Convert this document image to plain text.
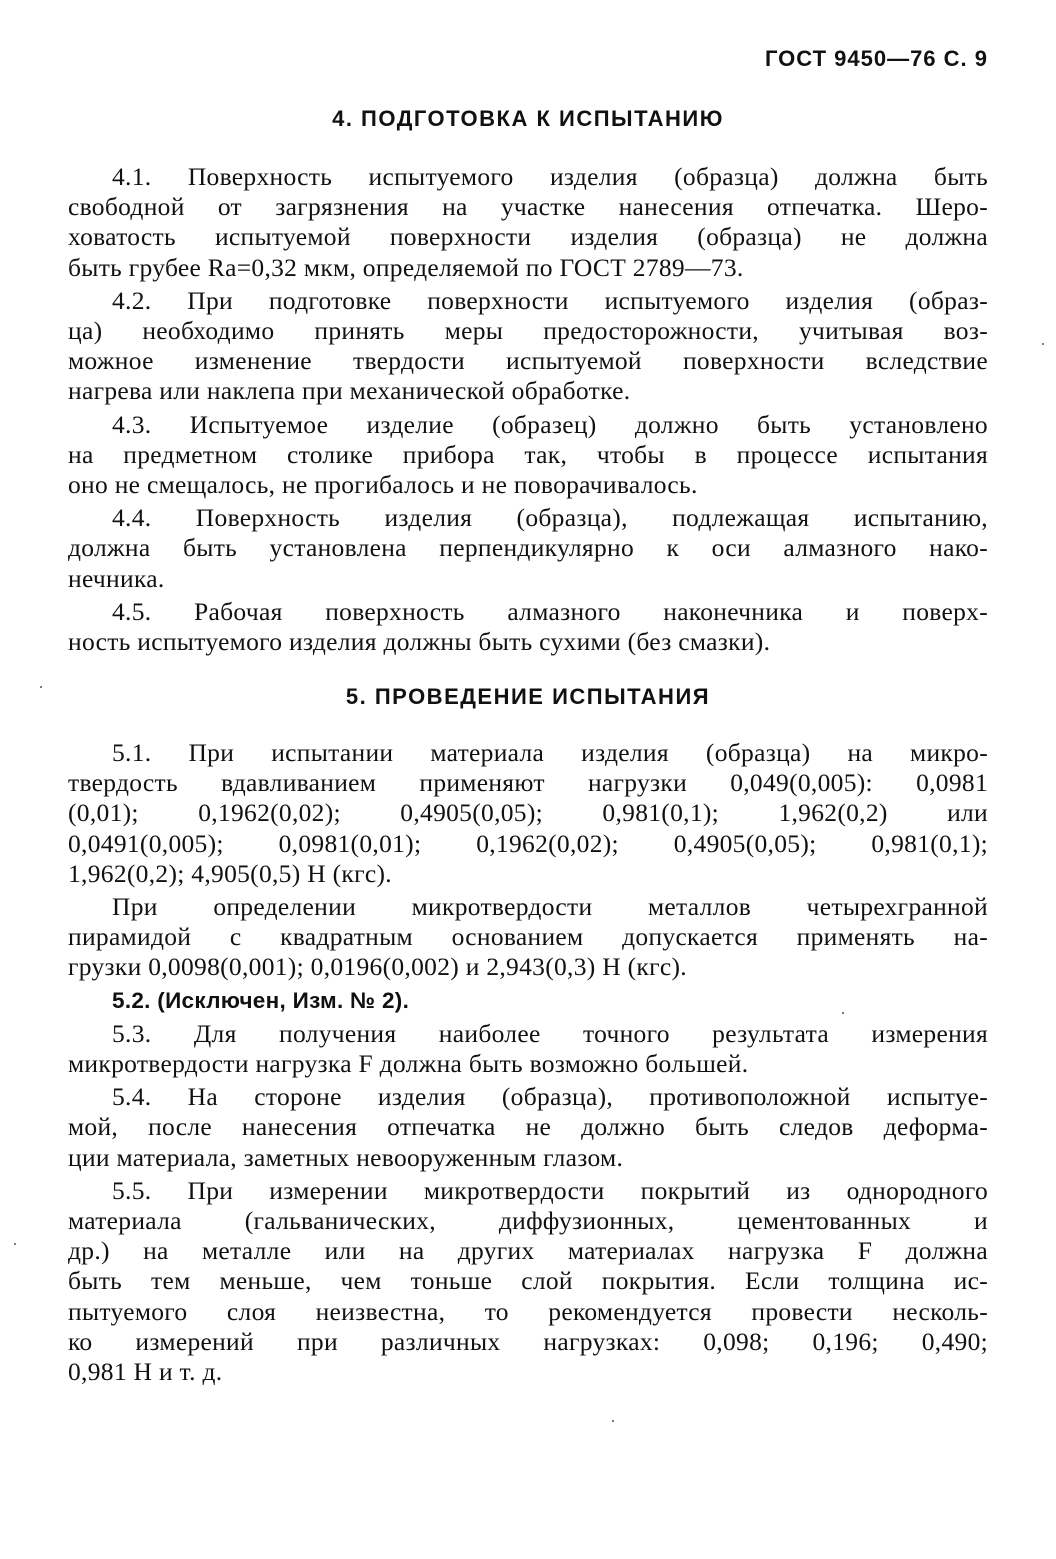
ГОСТ 9450—76 С. 9
4. ПОДГОТОВКА К ИСПЫТАНИЮ

4.1. Поверхность испытуемого изделия (образца) должна быть
свободной от загрязнения на участке нанесения отпечатка. Шеро-
ховатость испытуемой поверхности изделия (образца) не должна
быть грубее Ra=0,32 мкм, определяемой по ГОСТ 2789—73.

4.2. При подготовке поверхности испытуемого изделия (образ-
ца) необходимо принять меры предосторожности, учитывая воз-
можное изменение твердости испытуемой поверхности вследствие
нагрева или наклепа при механической обработке.

4.3. Испытуемое изделие (образец) должно быть установлено
на предметном столике прибора так, чтобы в процессе испытания
оно не смещалось, не прогибалось и не поворачивалось.

4.4. Поверхность изделия (образца), подлежащая испытанию,
должна быть установлена перпендикулярно к оси алмазного нако-
нечника.

4.5. Рабочая поверхность алмазного наконечника и поверх-
ность испытуемого изделия должны быть сухими (без смазки).

5. ПРОВЕДЕНИЕ ИСПЫТАНИЯ

5.1. При испытании материала изделия (образца) на микро-
твердость вдавливанием применяют нагрузки 0,049(0,005): 0,0981
(0,01); 0,1962(0,02); 0,4905(0,05); 0,981(0,1); 1,962(0,2) или
0,0491(0,005); 0,0981(0,01); 0,1962(0,02); 0,4905(0,05); 0,981(0,1);
1,962(0,2); 4,905(0,5) Н (кгс).

При определении микротвердости металлов четырехгранной
пирамидой с квадратным основанием допускается применять на-
грузки 0,0098(0,001); 0,0196(0,002) и 2,943(0,3) Н (кгс).

5.2. (Исключен, Изм. № 2).

5.3. Для получения наиболее точного результата измерения
микротвердости нагрузка F должна быть возможно большей.

5.4. На стороне изделия (образца), противоположной испытуе-
мой, после нанесения отпечатка не должно быть следов деформа-
ции материала, заметных невооруженным глазом.

5.5. При измерении микротвердости покрытий из однородного
материала (гальванических, диффузионных, цементованных и
др.) на металле или на других материалах нагрузка F должна
быть тем меньше, чем тоньше слой покрытия. Если толщина ис-
пытуемого слоя неизвестна, то рекомендуется провести несколь-
ко измерений при различных нагрузках: 0,098; 0,196; 0,490;
0,981 Н и т. д.
